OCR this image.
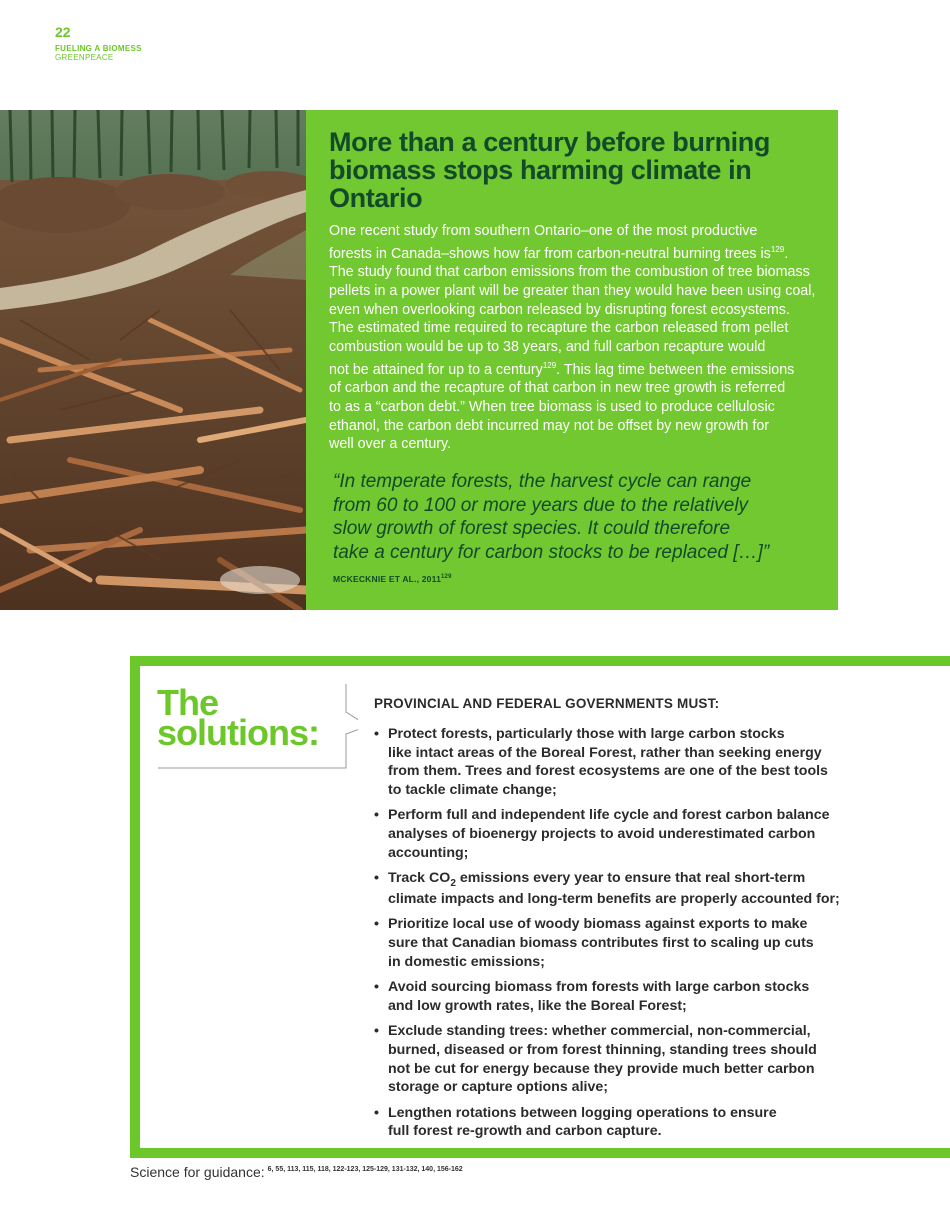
22
FUELING A BIOMESS
GREENPEACE
More than a century before burning biomass stops harming climate in Ontario

One recent study from southern Ontario–one of the most productive
forests in Canada–shows how far from carbon-neutral burning trees $is^{129}$.
The study found that carbon emissions from the combustion of tree biomass
pellets in a power plant will be greater than they would have been using coal,
even when overlooking carbon released by disrupting forest ecosystems.
The estimated time required to recapture the carbon released from pellet
combustion would be up to 38 years, and full carbon recapture would
not be attained for up to a century$^{129}$. This lag time between the emissions
of carbon and the recapture of that carbon in new tree growth is referred
to as a “carbon debt.” When tree biomass is used to produce cellulosic
ethanol, the carbon debt incurred may not be offset by new growth for
well over a century.

“In temperate forests, the harvest cycle can range
from 60 to 100 or more years due to the relatively
slow growth of forest species. It could therefore
take a century for carbon stocks to be replaced […]”
MCKECKNIE ET AL., 2011$^{129}$
The
solutions:
PROVINCIAL AND FEDERAL GOVERNMENTS MUST:
• Protect forests, particularly those with large carbon stocks
like intact areas of the Boreal Forest, rather than seeking energy
from them. Trees and forest ecosystems are one of the best tools
to tackle climate change;
• Perform full and independent life cycle and forest carbon balance
analyses of bioenergy projects to avoid underestimated carbon
accounting;
• Track $CO_2$ emissions every year to ensure that real short-term
climate impacts and long-term benefits are properly accounted for;
• Prioritize local use of woody biomass against exports to make
sure that Canadian biomass contributes first to scaling up cuts
in domestic emissions;
• Avoid sourcing biomass from forests with large carbon stocks
and low growth rates, like the Boreal Forest;
• Exclude standing trees: whether commercial, non-commercial,
burned, diseased or from forest thinning, standing trees should
not be cut for energy because they provide much better carbon
storage or capture options alive;
• Lengthen rotations between logging operations to ensure
full forest re-growth and carbon capture.
Science for guidance: $^{6, 55, 113, 115, 118, 122-123, 125-129, 131-132, 140, 156-162}$
